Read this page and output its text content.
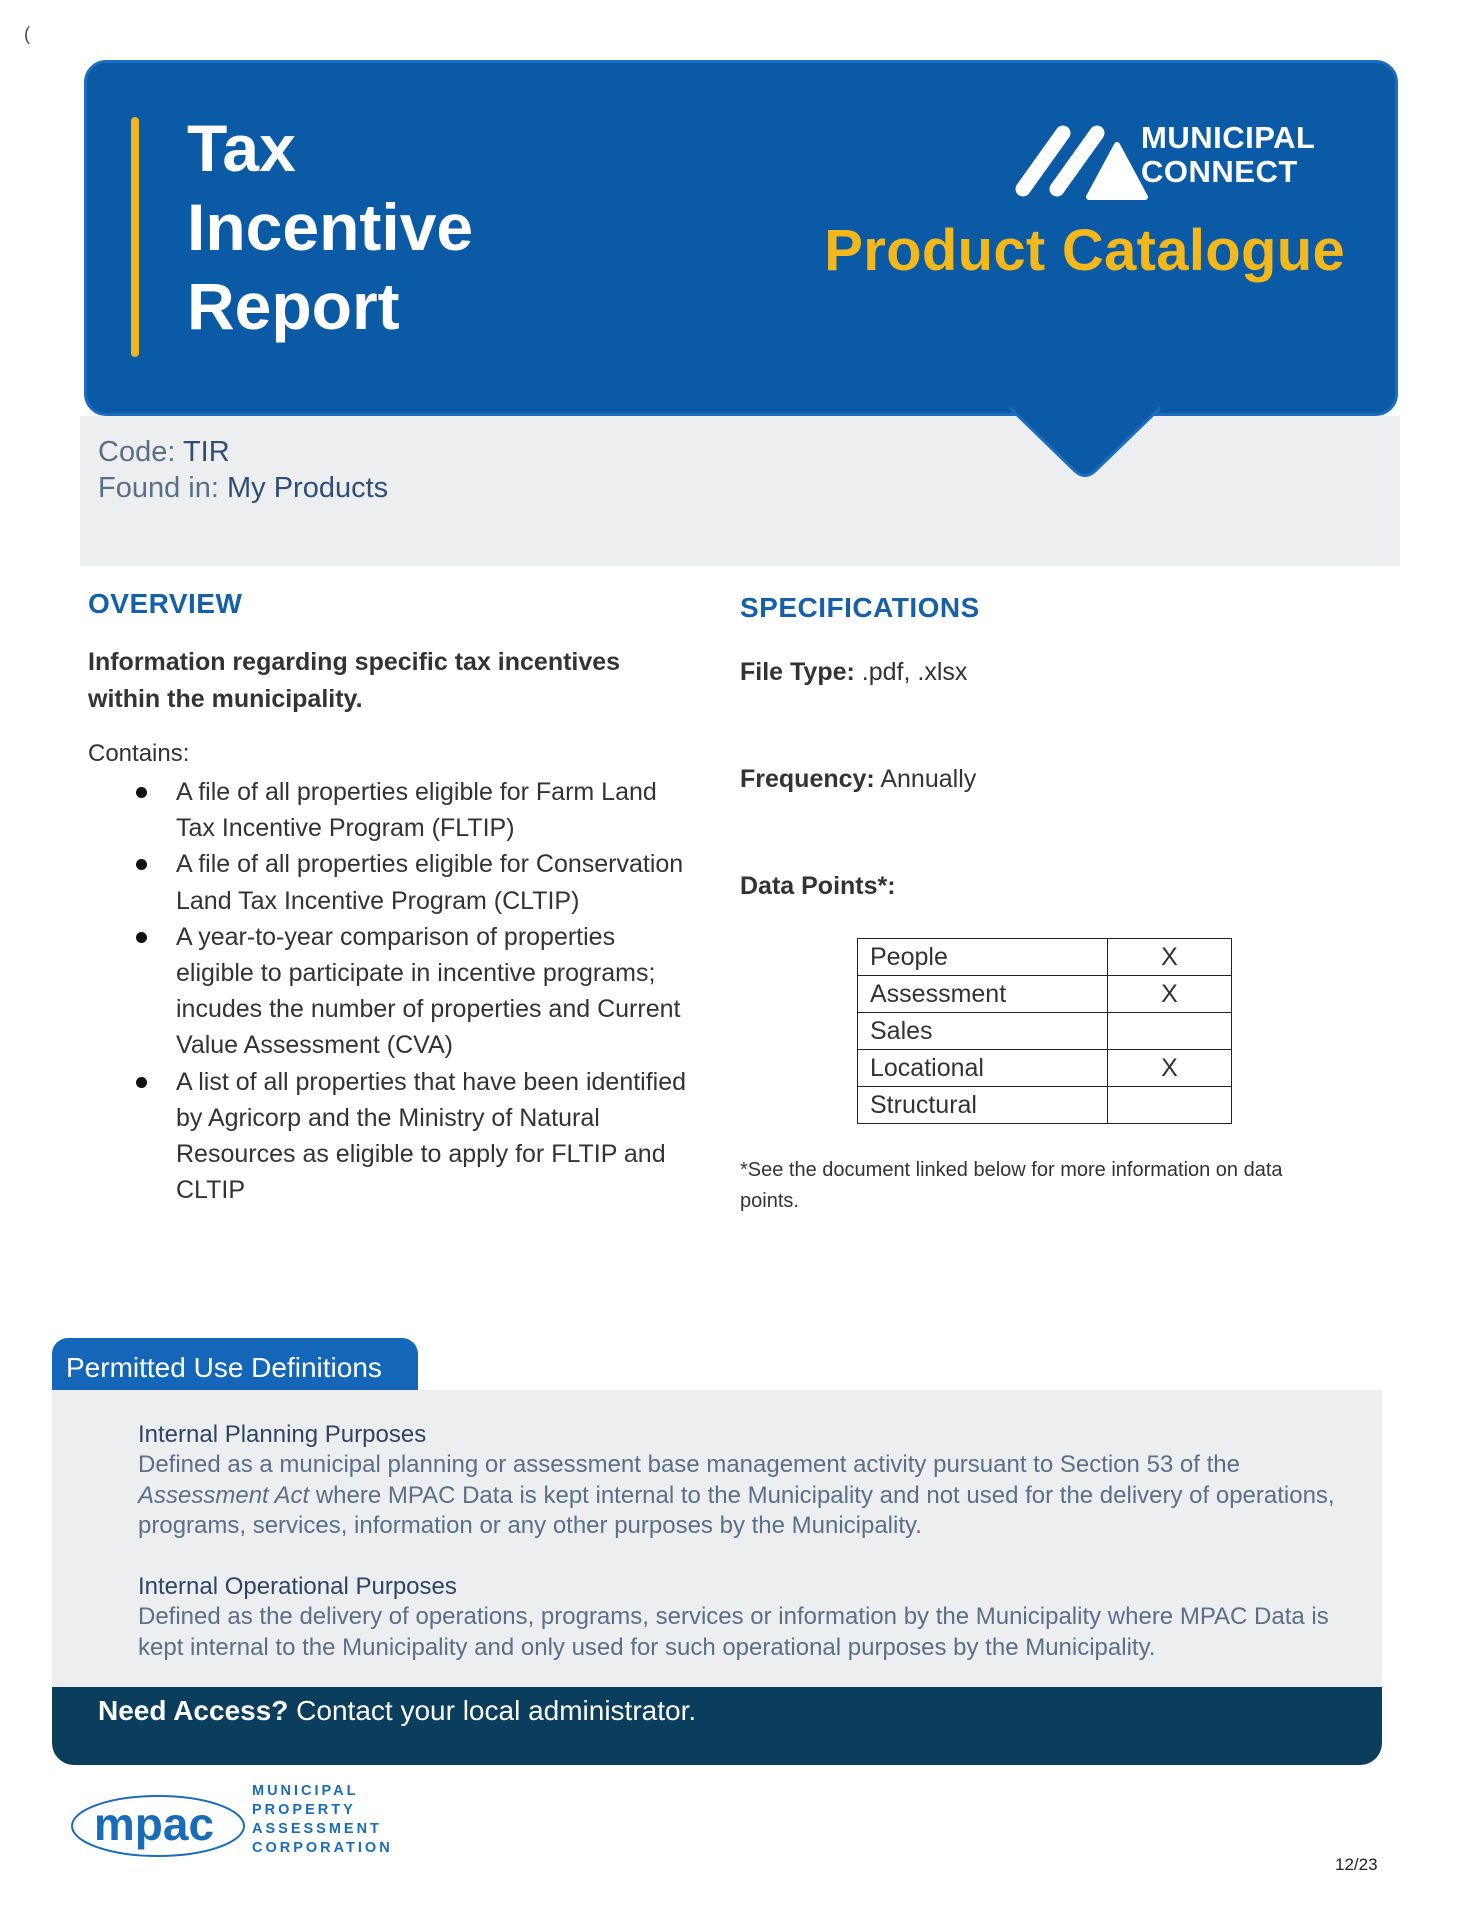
(
Tax
Incentive
Report
MUNICIPAL
CONNECT
Product Catalogue
Code: TIR
Found in: My Products
OVERVIEW
Information regarding specific tax incentives within the municipality.
Contains:
A file of all properties eligible for Farm Land Tax Incentive Program (FLTIP)
A file of all properties eligible for Conservation Land Tax Incentive Program (CLTIP)
A year-to-year comparison of properties eligible to participate in incentive programs; incudes the number of properties and Current Value Assessment (CVA)
A list of all properties that have been identified by Agricorp and the Ministry of Natural Resources as eligible to apply for FLTIP and CLTIP
SPECIFICATIONS
File Type: .pdf, .xlsx
Frequency: Annually
Data Points*:
People	X
Assessment	X
Sales	
Locational	X
Structural	
*See the document linked below for more information on data points.
Permitted Use Definitions
Internal Planning Purposes
Defined as a municipal planning or assessment base management activity pursuant to Section 53 of the Assessment Act where MPAC Data is kept internal to the Municipality and not used for the delivery of operations, programs, services, information or any other purposes by the Municipality.
Internal Operational Purposes
Defined as the delivery of operations, programs, services or information by the Municipality where MPAC Data is kept internal to the Municipality and only used for such operational purposes by the Municipality.
Need Access? Contact your local administrator.
mpac
MUNICIPAL
PROPERTY
ASSESSMENT
CORPORATION
12/23
